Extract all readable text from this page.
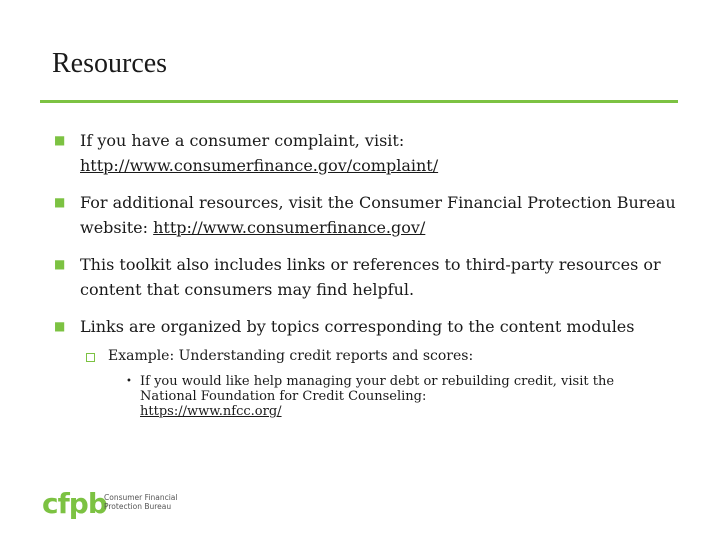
Resources
■ If you have a consumer complaint, visit:
http://www.consumerfinance.gov/complaint/
■ For additional resources, visit the Consumer Financial Protection Bureau website: http://www.consumerfinance.gov/
■ This toolkit also includes links or references to third-party resources or content that consumers may find helpful.
■ Links are organized by topics corresponding to the content modules
Example: Understanding credit reports and scores:
• If you would like help managing your debt or rebuilding credit, visit the National Foundation for Credit Counseling:
https://www.nfcc.org/
cfpb
Consumer Financial Protection Bureau
